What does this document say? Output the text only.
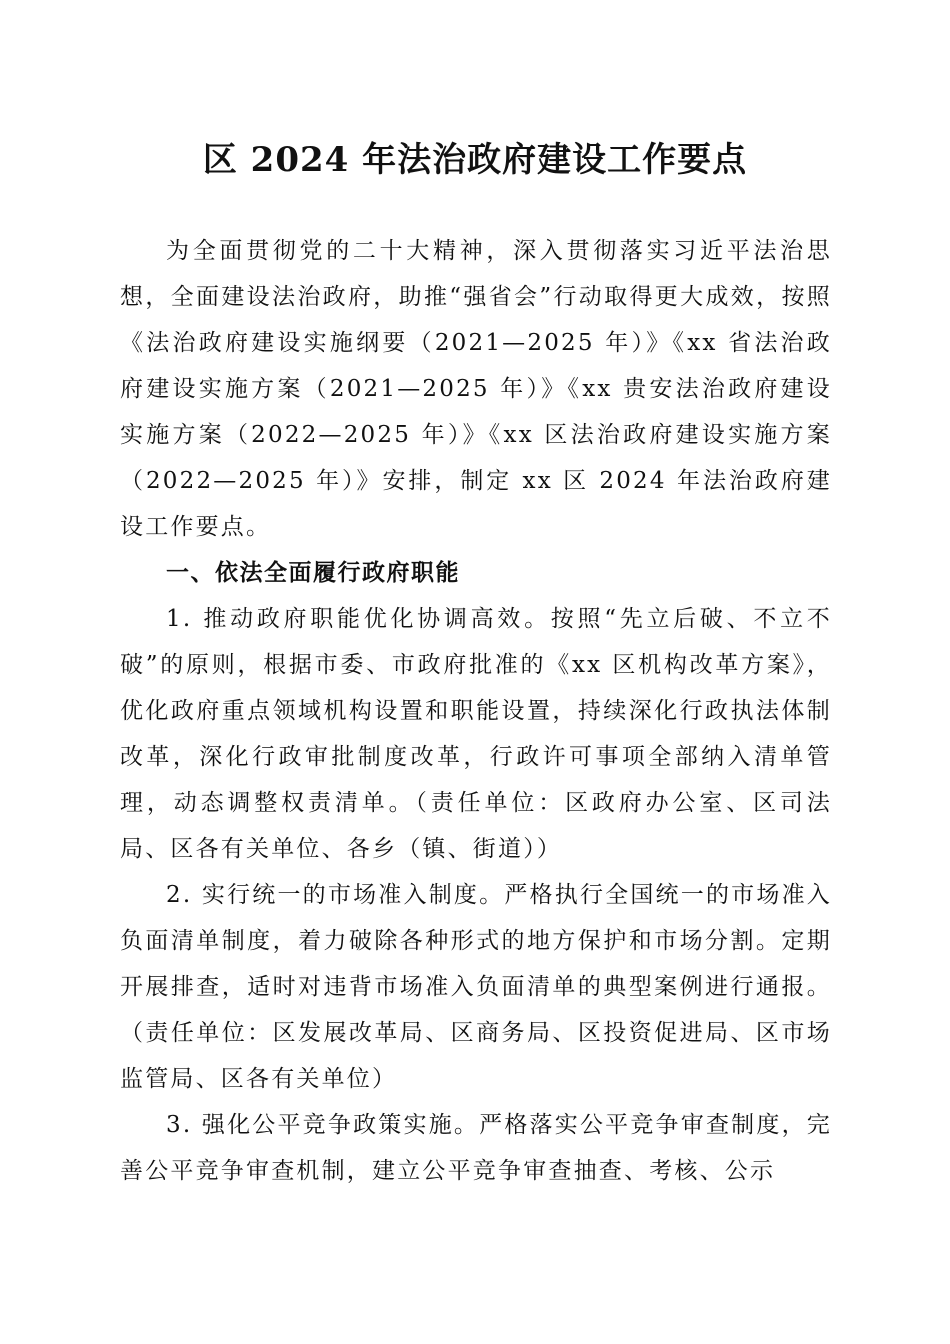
区 2024 年法治政府建设工作要点

为全面贯彻党的二十大精神，深入贯彻落实习近平法治思想，全面建设法治政府，助推“强省会”行动取得更大成效，按照《法治政府建设实施纲要（2021—2025 年）》《xx 省法治政府建设实施方案（2021—2025 年）》《xx 贵安法治政府建设实施方案（2022—2025 年）》《xx 区法治政府建设实施方案（2022—2025 年）》安排，制定 xx 区 2024 年法治政府建设工作要点。

一、依法全面履行政府职能

1. 推动政府职能优化协调高效。按照“先立后破、不立不破”的原则，根据市委、市政府批准的《xx 区机构改革方案》，优化政府重点领域机构设置和职能设置，持续深化行政执法体制改革，深化行政审批制度改革，行政许可事项全部纳入清单管理，动态调整权责清单。（责任单位：区政府办公室、区司法局、区各有关单位、各乡（镇、街道））

2. 实行统一的市场准入制度。严格执行全国统一的市场准入负面清单制度，着力破除各种形式的地方保护和市场分割。定期开展排查，适时对违背市场准入负面清单的典型案例进行通报。（责任单位：区发展改革局、区商务局、区投资促进局、区市场监管局、区各有关单位）

3. 强化公平竞争政策实施。严格落实公平竞争审查制度，完善公平竞争审查机制，建立公平竞争审查抽查、考核、公示
